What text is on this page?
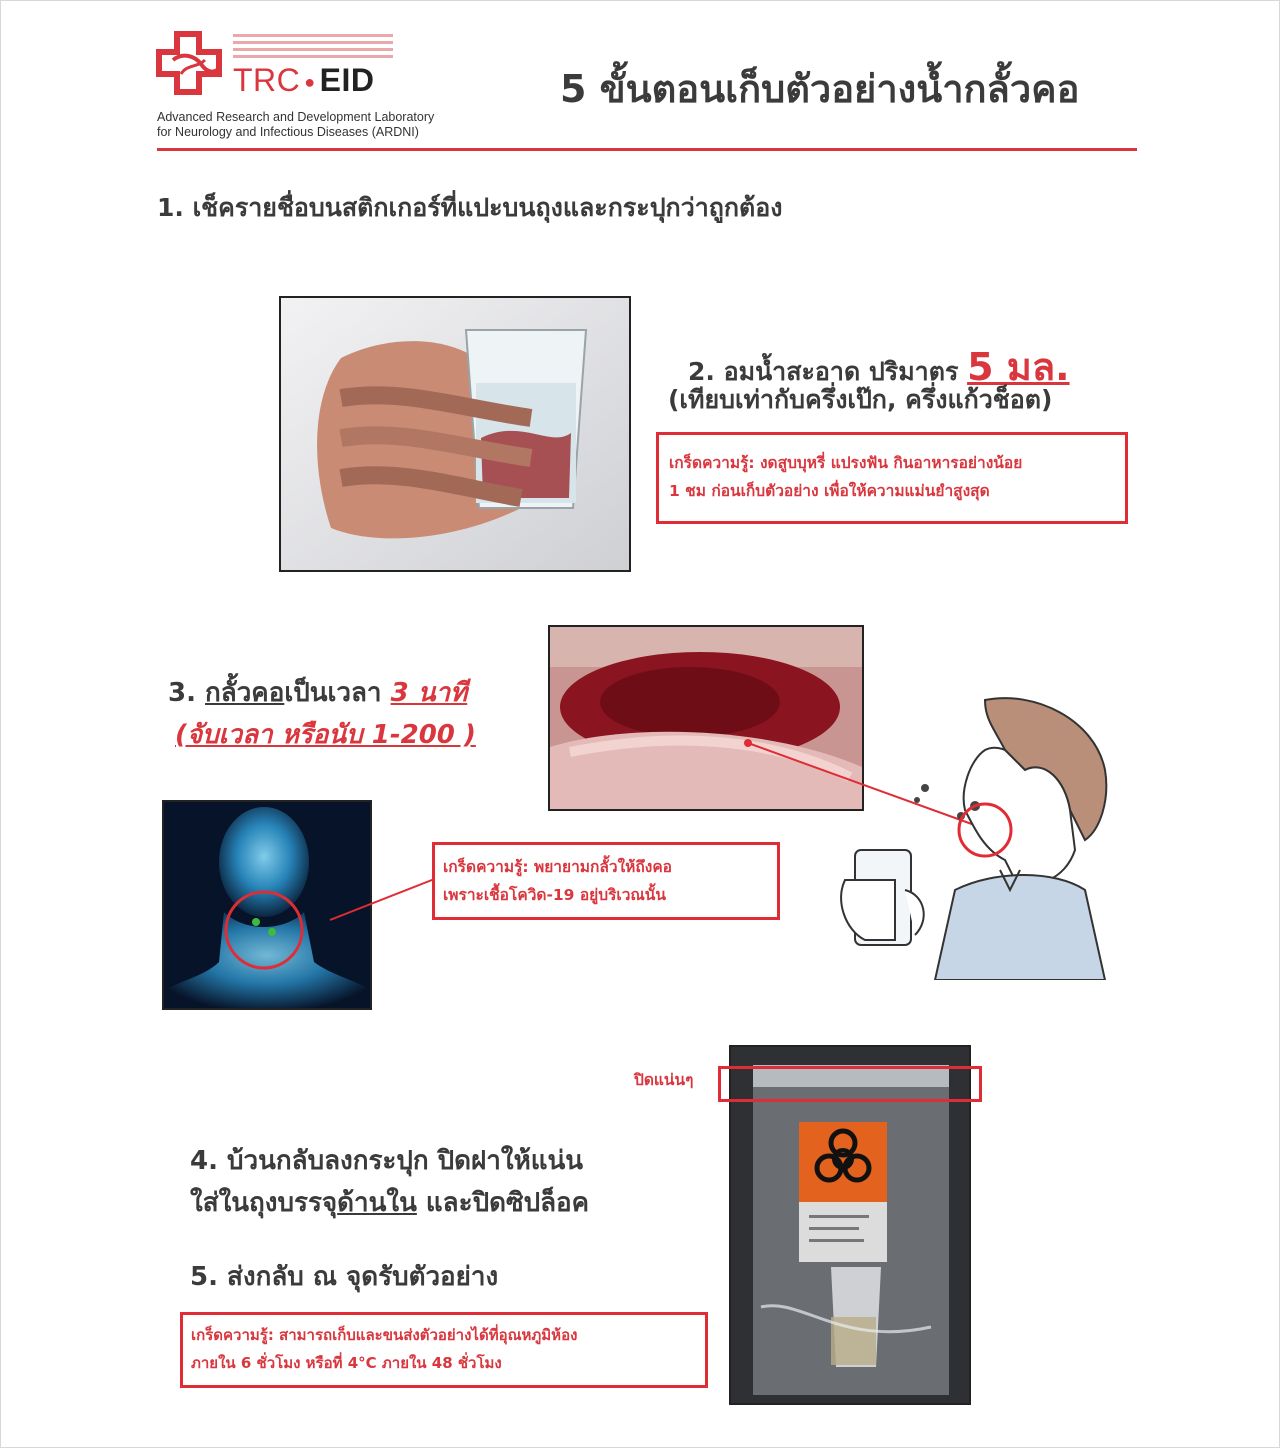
TRC ● EID
Advanced Research and Development Laboratory
for Neurology and Infectious Diseases (ARDNI)
5 ขั้นตอนเก็บตัวอย่างน้ำกลั้วคอ
1. เช็ครายชื่อบนสติกเกอร์ที่แปะบนถุงและกระปุกว่าถูกต้อง
2. อมน้ำสะอาด ปริมาตร 5 มล.
(เทียบเท่ากับครึ่งเป๊ก, ครึ่งแก้วช็อต)
เกร็ดความรู้: งดสูบบุหรี่ แปรงฟัน กินอาหารอย่างน้อย
1 ชม ก่อนเก็บตัวอย่าง เพื่อให้ความแม่นยำสูงสุด
3. กลั้วคอเป็นเวลา 3 นาที
(จับเวลา หรือนับ 1-200 )
เกร็ดความรู้: พยายามกลั้วให้ถึงคอ
เพราะเชื้อโควิด-19 อยู่บริเวณนั้น
ปิดแน่นๆ
4. บ้วนกลับลงกระปุก ปิดฝาให้แน่น
ใส่ในถุงบรรจุด้านใน และปิดซิปล็อค
5. ส่งกลับ ณ จุดรับตัวอย่าง
เกร็ดความรู้: สามารถเก็บและขนส่งตัวอย่างได้ที่อุณหภูมิห้อง
ภายใน 6 ชั่วโมง หรือที่ 4°C ภายใน 48 ชั่วโมง
